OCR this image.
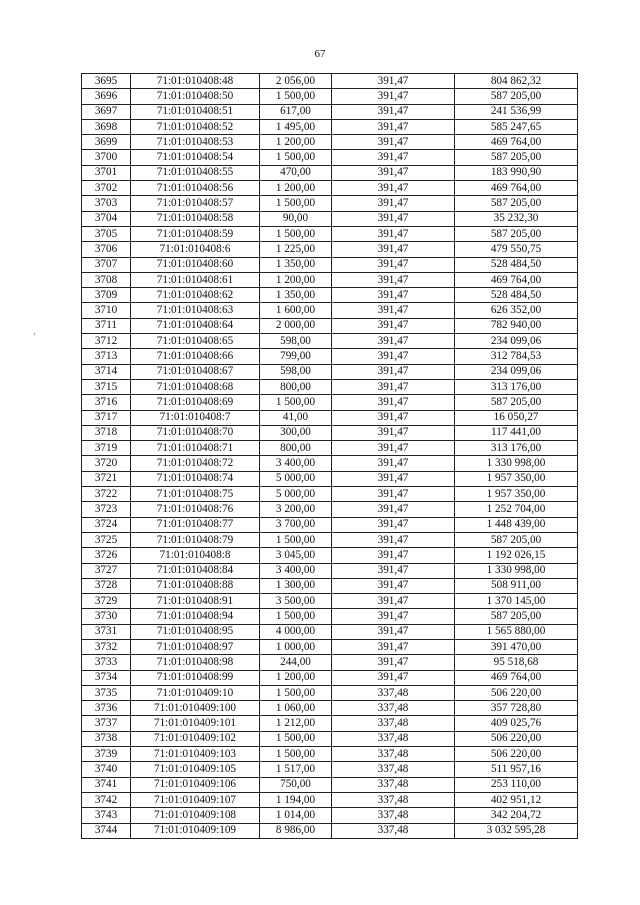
67
‚
3695	71:01:010408:48	2 056,00	391,47	804 862,32
3696	71:01:010408:50	1 500,00	391,47	587 205,00
3697	71:01:010408:51	617,00	391,47	241 536,99
3698	71:01:010408:52	1 495,00	391,47	585 247,65
3699	71:01:010408:53	1 200,00	391,47	469 764,00
3700	71:01:010408:54	1 500,00	391,47	587 205,00
3701	71:01:010408:55	470,00	391,47	183 990,90
3702	71:01:010408:56	1 200,00	391,47	469 764,00
3703	71:01:010408:57	1 500,00	391,47	587 205,00
3704	71:01:010408:58	90,00	391,47	35 232,30
3705	71:01:010408:59	1 500,00	391,47	587 205,00
3706	71:01:010408:6	1 225,00	391,47	479 550,75
3707	71:01:010408:60	1 350,00	391,47	528 484,50
3708	71:01:010408:61	1 200,00	391,47	469 764,00
3709	71:01:010408:62	1 350,00	391,47	528 484,50
3710	71:01:010408:63	1 600,00	391,47	626 352,00
3711	71:01:010408:64	2 000,00	391,47	782 940,00
3712	71:01:010408:65	598,00	391,47	234 099,06
3713	71:01:010408:66	799,00	391,47	312 784,53
3714	71:01:010408:67	598,00	391,47	234 099,06
3715	71:01:010408:68	800,00	391,47	313 176,00
3716	71:01:010408:69	1 500,00	391,47	587 205,00
3717	71:01:010408:7	41,00	391,47	16 050,27
3718	71:01:010408:70	300,00	391,47	117 441,00
3719	71:01:010408:71	800,00	391,47	313 176,00
3720	71:01:010408:72	3 400,00	391,47	1 330 998,00
3721	71:01:010408:74	5 000,00	391,47	1 957 350,00
3722	71:01:010408:75	5 000,00	391,47	1 957 350,00
3723	71:01:010408:76	3 200,00	391,47	1 252 704,00
3724	71:01:010408:77	3 700,00	391,47	1 448 439,00
3725	71:01:010408:79	1 500,00	391,47	587 205,00
3726	71:01:010408:8	3 045,00	391,47	1 192 026,15
3727	71:01:010408:84	3 400,00	391,47	1 330 998,00
3728	71:01:010408:88	1 300,00	391,47	508 911,00
3729	71:01:010408:91	3 500,00	391,47	1 370 145,00
3730	71:01:010408:94	1 500,00	391,47	587 205,00
3731	71:01:010408:95	4 000,00	391,47	1 565 880,00
3732	71:01:010408:97	1 000,00	391,47	391 470,00
3733	71:01:010408:98	244,00	391,47	95 518,68
3734	71:01:010408:99	1 200,00	391,47	469 764,00
3735	71:01:010409:10	1 500,00	337,48	506 220,00
3736	71:01:010409:100	1 060,00	337,48	357 728,80
3737	71:01:010409:101	1 212,00	337,48	409 025,76
3738	71:01:010409:102	1 500,00	337,48	506 220,00
3739	71:01:010409:103	1 500,00	337,48	506 220,00
3740	71:01:010409:105	1 517,00	337,48	511 957,16
3741	71:01:010409:106	750,00	337,48	253 110,00
3742	71:01:010409:107	1 194,00	337,48	402 951,12
3743	71:01:010409:108	1 014,00	337,48	342 204,72
3744	71:01:010409:109	8 986,00	337,48	3 032 595,28
